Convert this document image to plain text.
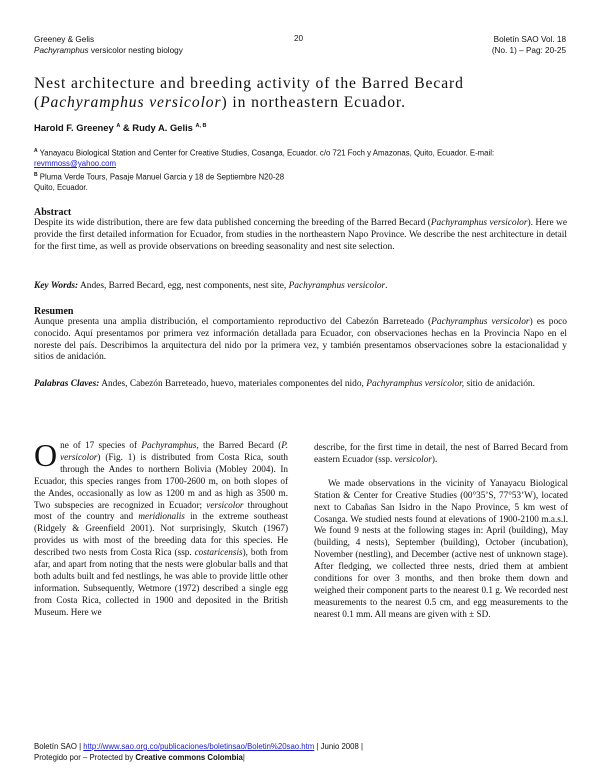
Greeney & Gelis
Pachyramphus versicolor nesting biology
20	Boletín SAO Vol. 18
(No. 1) – Pag: 20-25
Nest architecture and breeding activity of the Barred Becard
(Pachyramphus versicolor) in northeastern Ecuador.
Harold F. Greeney $^A$ & Rudy A. Gelis $^{A, B}$
$^A$ Yanayacu Biological Station and Center for Creative Studies, Cosanga, Ecuador. c/o 721 Foch y Amazonas, Quito, Ecuador. E-mail: revmmoss@yahoo.com
$^B$ Pluma Verde Tours, Pasaje Manuel Garcia y 18 de Septiembre N20-28
Quito, Ecuador.
Abstract
Despite its wide distribution, there are few data published concerning the breeding of the Barred Becard (Pachyramphus versicolor). Here we provide the first detailed information for Ecuador, from studies in the northeastern Napo Province. We describe the nest architecture in detail for the first time, as well as provide observations on breeding seasonality and nest site selection.
Key Words: Andes, Barred Becard, egg, nest components, nest site, Pachyramphus versicolor.
Resumen
Aunque presenta una amplia distribución, el comportamiento reproductivo del Cabezón Barreteado (Pachyramphus versicolor) es poco conocido. Aquí presentamos por primera vez información detallada para Ecuador, con observaciones hechas en la Provincia Napo en el noreste del país. Describimos la arquitectura del nido por la primera vez, y también presentamos observaciones sobre la estacionalidad y sitios de anidación.
Palabras Claves: Andes, Cabezón Barreteado, huevo, materiales componentes del nido, Pachyramphus versicolor, sitio de anidación.
One of 17 species of Pachyramphus, the Barred Becard (P. versicolor) (Fig. 1) is distributed from Costa Rica, south through the Andes to northern Bolivia (Mobley 2004). In Ecuador, this species ranges from 1700-2600 m, on both slopes of the Andes, occasionally as low as 1200 m and as high as 3500 m. Two subspecies are recognized in Ecuador; versicolor throughout most of the country and meridionalis in the extreme southeast (Ridgely & Greenfield 2001). Not surprisingly, Skutch (1967) provides us with most of the breeding data for this species. He described two nests from Costa Rica (ssp. costaricensis), both from afar, and apart from noting that the nests were globular balls and that both adults built and fed nestlings, he was able to provide little other information. Subsequently, Wetmore (1972) described a single egg from Costa Rica, collected in 1900 and deposited in the British Museum. Here we
describe, for the first time in detail, the nest of Barred Becard from eastern Ecuador (ssp. versicolor).
We made observations in the vicinity of Yanayacu Biological Station & Center for Creative Studies (00°35’S, 77°53’W), located next to Cabañas San Isidro in the Napo Province, 5 km west of Cosanga. We studied nests found at elevations of 1900-2100 m.a.s.l. We found 9 nests at the following stages in: April (building), May (building, 4 nests), September (building), October (incubation), November (nestling), and December (active nest of unknown stage). After fledging, we collected three nests, dried them at ambient conditions for over 3 months, and then broke them down and weighed their component parts to the nearest 0.1 g. We recorded nest measurements to the nearest 0.5 cm, and egg measurements to the nearest 0.1 mm. All means are given with ± SD.
Boletín SAO | http://www.sao.org.co/publicaciones/boletinsao/Boletin%20sao.htm | Junio 2008 |
Protegido por – Protected by Creative commons Colombia|
